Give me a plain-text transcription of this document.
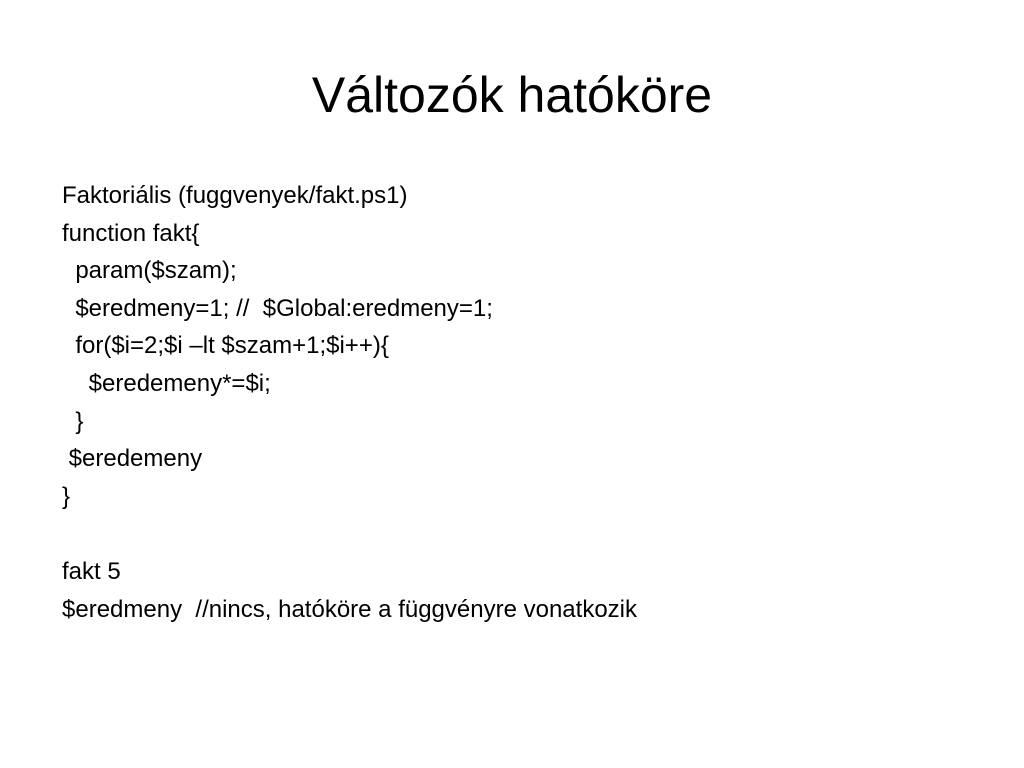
Változók hatóköre
Faktoriális (fuggvenyek/fakt.ps1)
function fakt{
param($szam);
$eredmeny=1; //  $Global:eredmeny=1;
for($i=2;$i –lt $szam+1;$i++){
$eredemeny*=$i;
}
$eredemeny
}
fakt 5
$eredmeny  //nincs, hatóköre a függvényre vonatkozik
